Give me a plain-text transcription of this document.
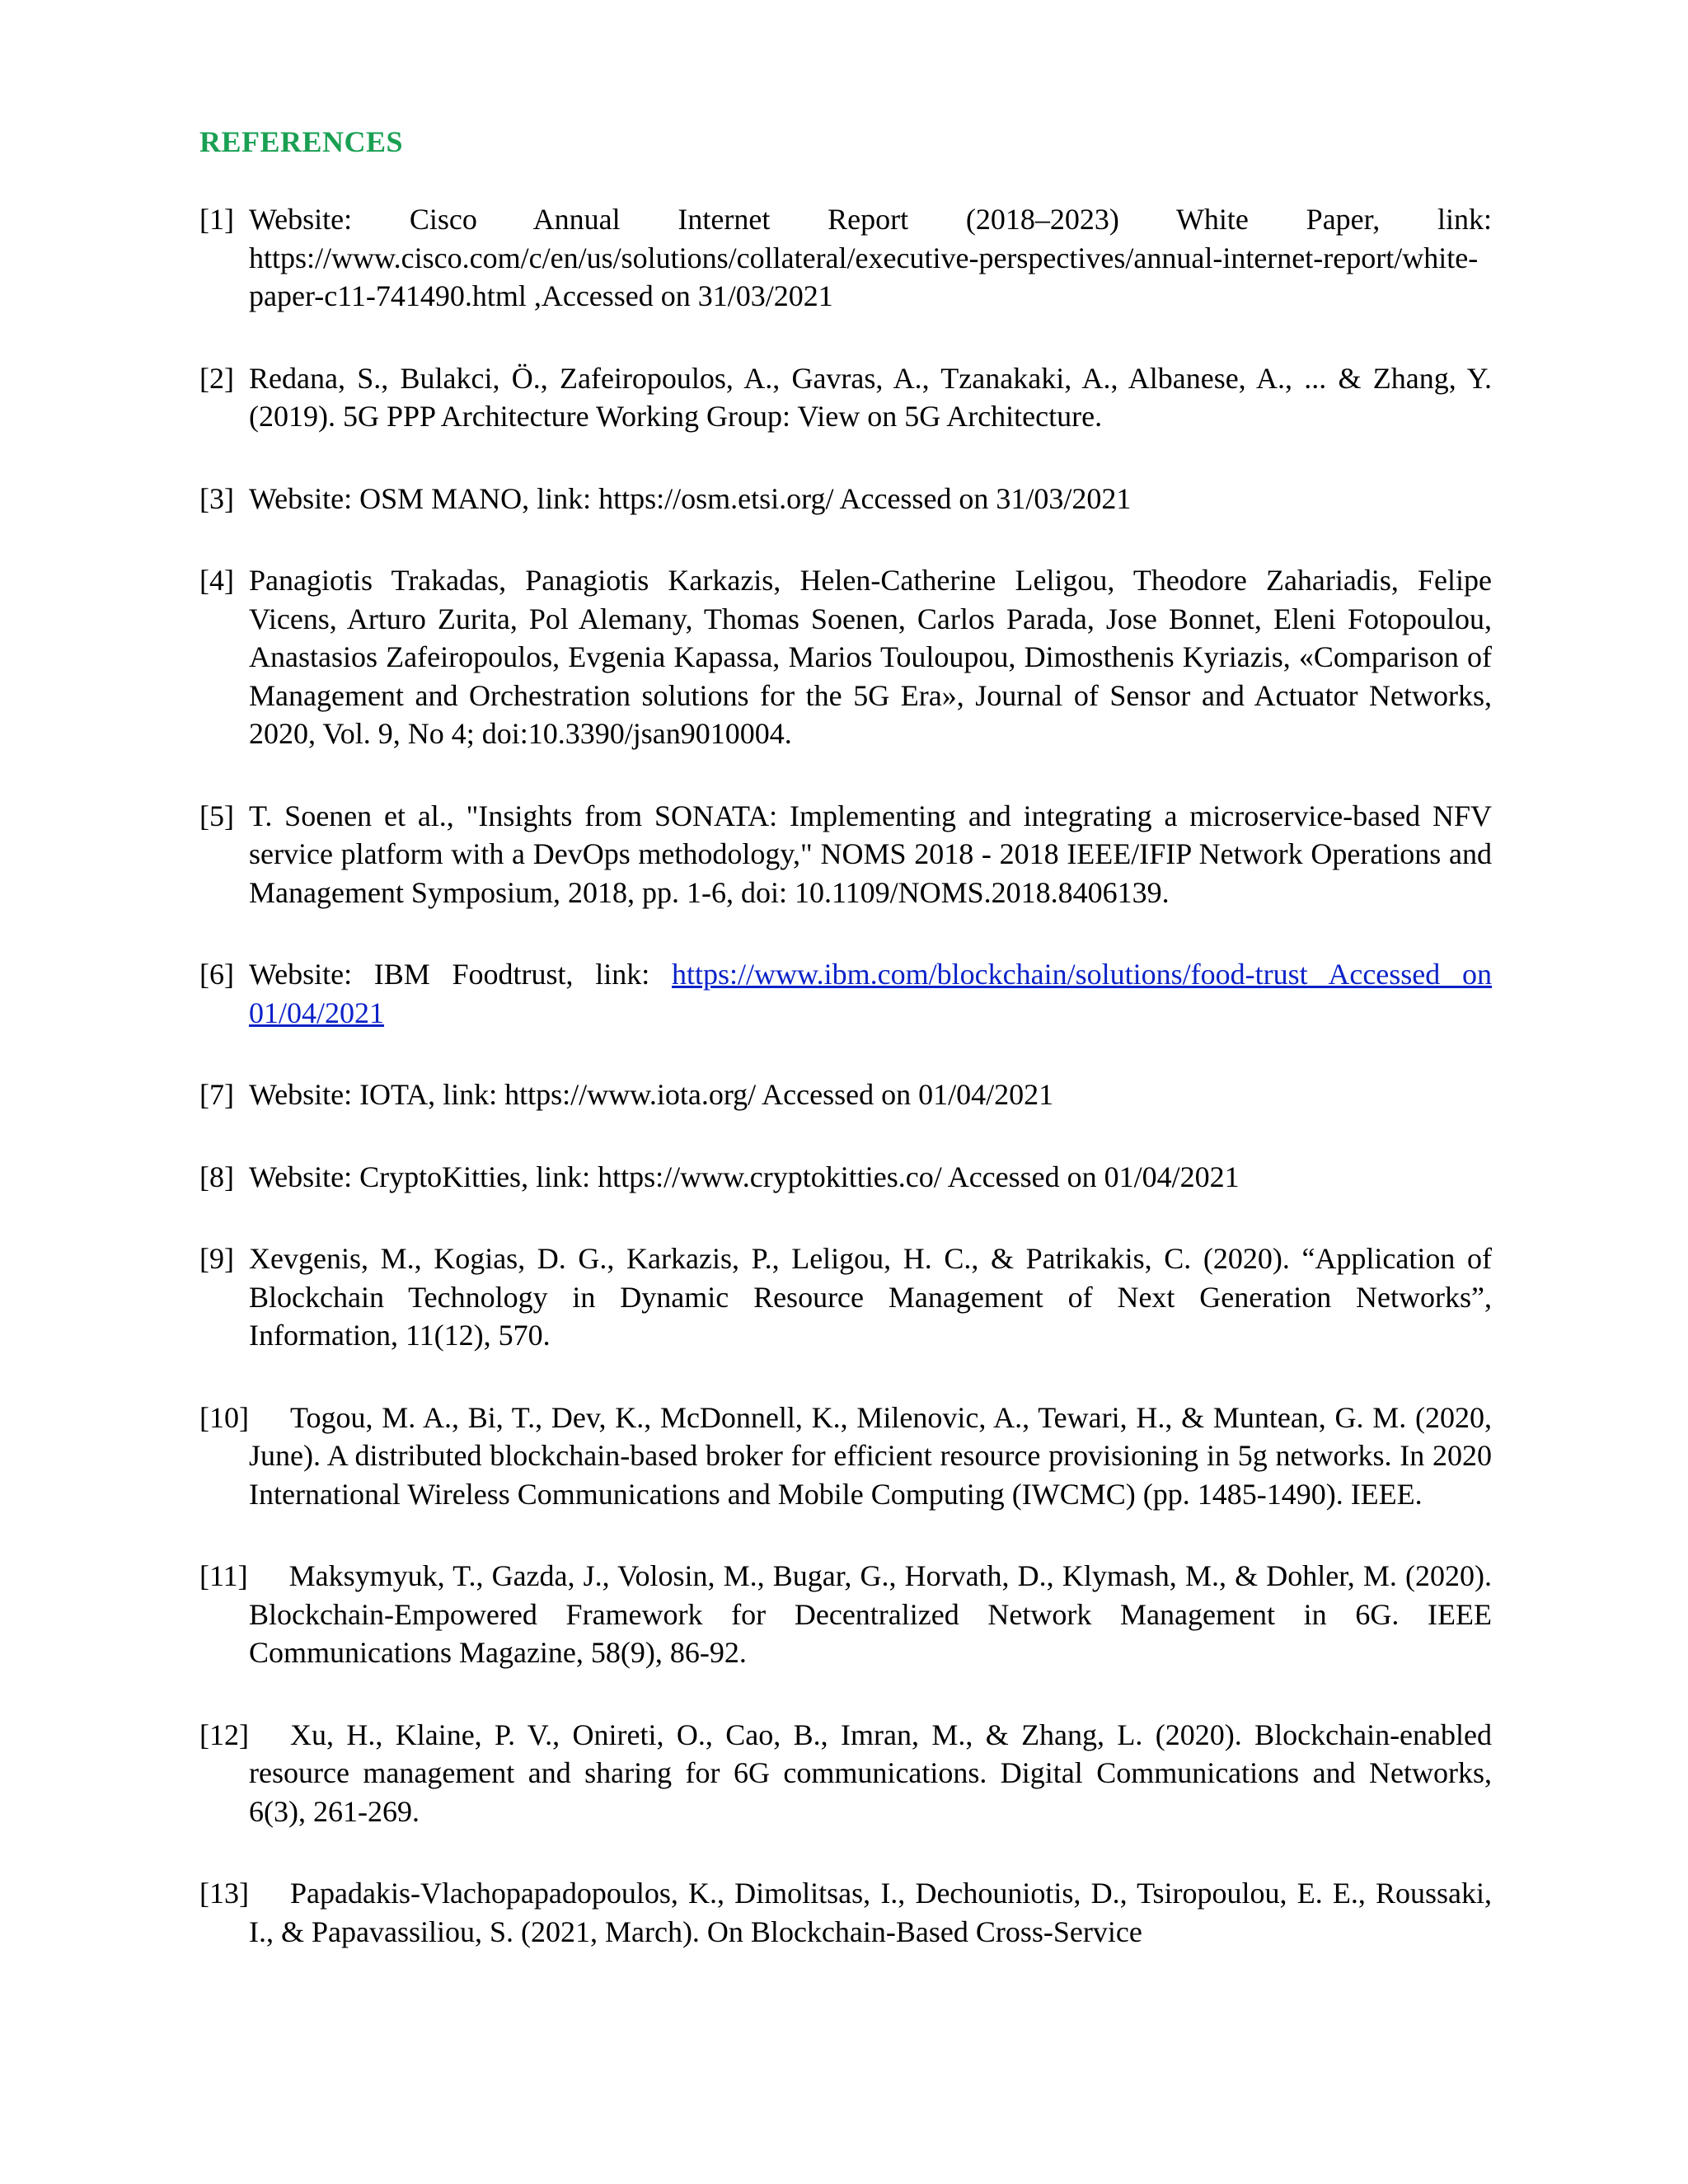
REFERENCES
[1] Website: Cisco Annual Internet Report (2018–2023) White Paper, link: https://www.cisco.com/c/en/us/solutions/collateral/executive-perspectives/annual-internet-report/white-paper-c11-741490.html ,Accessed on 31/03/2021
[2] Redana, S., Bulakci, Ö., Zafeiropoulos, A., Gavras, A., Tzanakaki, A., Albanese, A., ... & Zhang, Y. (2019). 5G PPP Architecture Working Group: View on 5G Architecture.
[3] Website: OSM MANO, link: https://osm.etsi.org/ Accessed on 31/03/2021
[4] Panagiotis Trakadas, Panagiotis Karkazis, Helen-Catherine Leligou, Theodore Zahariadis, Felipe Vicens, Arturo Zurita, Pol Alemany, Thomas Soenen, Carlos Parada, Jose Bonnet, Eleni Fotopoulou, Anastasios Zafeiropoulos, Evgenia Kapassa, Marios Touloupou, Dimosthenis Kyriazis, «Comparison of Management and Orchestration solutions for the 5G Era», Journal of Sensor and Actuator Networks, 2020, Vol. 9, No 4; doi:10.3390/jsan9010004.
[5] T. Soenen et al., "Insights from SONATA: Implementing and integrating a microservice-based NFV service platform with a DevOps methodology," NOMS 2018 - 2018 IEEE/IFIP Network Operations and Management Symposium, 2018, pp. 1-6, doi: 10.1109/NOMS.2018.8406139.
[6] Website: IBM Foodtrust, link: https://www.ibm.com/blockchain/solutions/food-trust Accessed on 01/04/2021
[7] Website: IOTA, link: https://www.iota.org/ Accessed on 01/04/2021
[8] Website: CryptoKitties, link: https://www.cryptokitties.co/ Accessed on 01/04/2021
[9] Xevgenis, M., Kogias, D. G., Karkazis, P., Leligou, H. C., & Patrikakis, C. (2020). “Application of Blockchain Technology in Dynamic Resource Management of Next Generation Networks”, Information, 11(12), 570.
[10] Togou, M. A., Bi, T., Dev, K., McDonnell, K., Milenovic, A., Tewari, H., & Muntean, G. M. (2020, June). A distributed blockchain-based broker for efficient resource provisioning in 5g networks. In 2020 International Wireless Communications and Mobile Computing (IWCMC) (pp. 1485-1490). IEEE.
[11] Maksymyuk, T., Gazda, J., Volosin, M., Bugar, G., Horvath, D., Klymash, M., & Dohler, M. (2020). Blockchain-Empowered Framework for Decentralized Network Management in 6G. IEEE Communications Magazine, 58(9), 86-92.
[12] Xu, H., Klaine, P. V., Onireti, O., Cao, B., Imran, M., & Zhang, L. (2020). Blockchain-enabled resource management and sharing for 6G communications. Digital Communications and Networks, 6(3), 261-269.
[13] Papadakis-Vlachopapadopoulos, K., Dimolitsas, I., Dechouniotis, D., Tsiropoulou, E. E., Roussaki, I., & Papavassiliou, S. (2021, March). On Blockchain-Based Cross-Service
